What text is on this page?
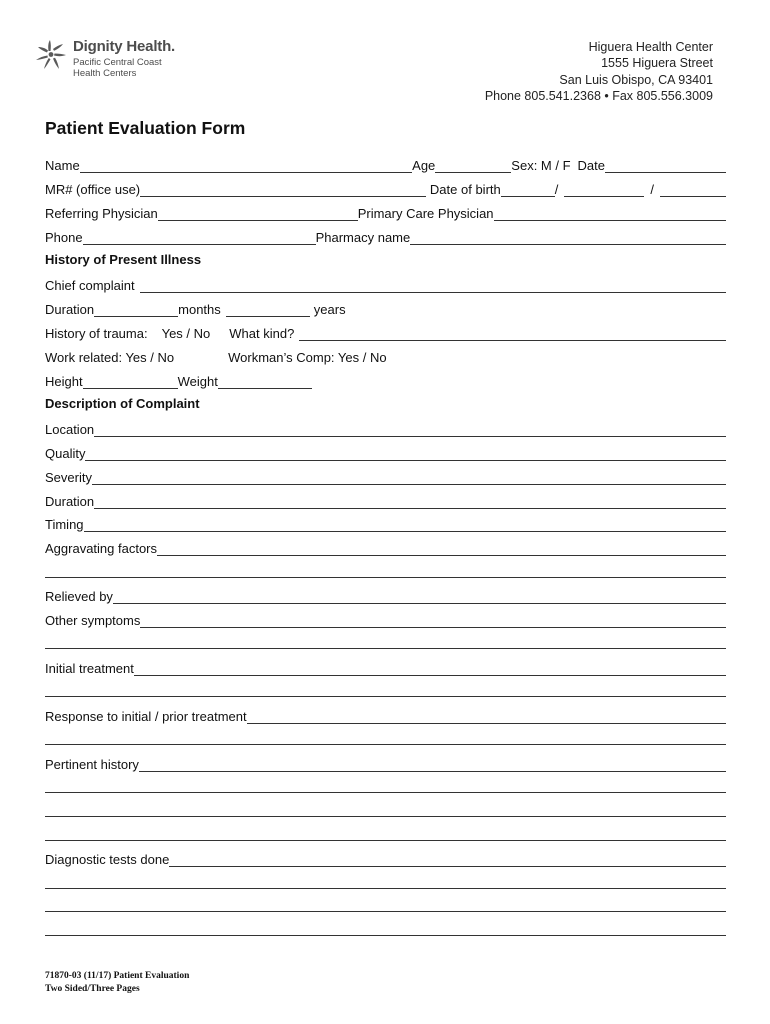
Dignity Health.
Pacific Central Coast
Health Centers
Higuera Health Center
1555 Higuera Street
San Luis Obispo, CA 93401
Phone 805.541.2368 • Fax 805.556.3009
Patient Evaluation Form
Name	Age	Sex: M / F Date
MR# (office use)	Date of birth	/	/
Referring Physician	Primary Care Physician
Phone	Pharmacy name
History of Present Illness
Chief complaint
Duration	months	years
History of trauma: Yes / No What kind?
Work related: Yes / No	Workman’s Comp: Yes / No
Height	Weight
Description of Complaint
Location
Quality
Severity
Duration
Timing
Aggravating factors
Relieved by
Other symptoms
Initial treatment
Response to initial / prior treatment
Pertinent history
Diagnostic tests done
71870-03 (11/17) Patient Evaluation
Two Sided/Three Pages
